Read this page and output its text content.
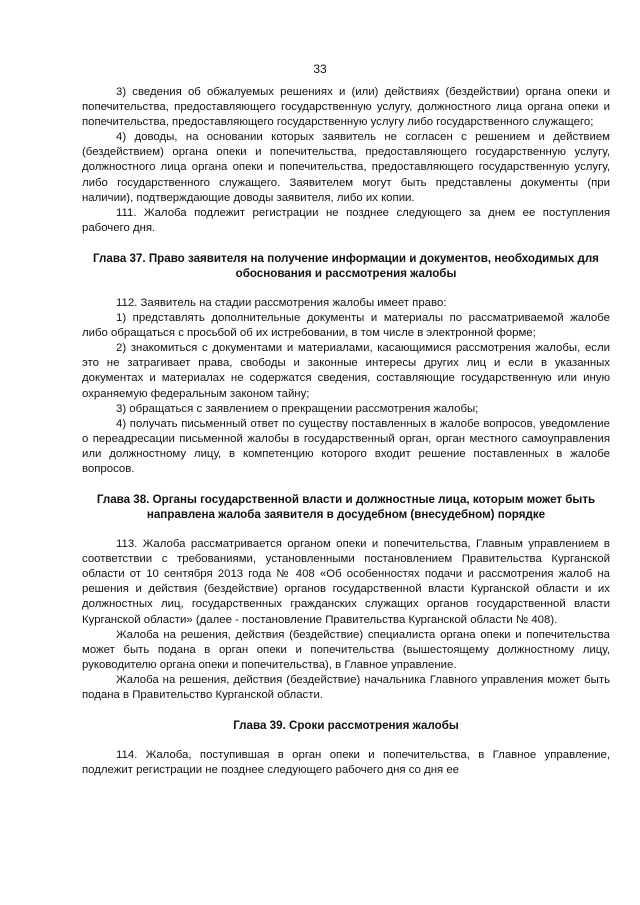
33

3) сведения об обжалуемых решениях и (или) действиях (бездействии) органа опеки и попечительства, предоставляющего государственную услугу, должностного лица органа опеки и попечительства, предоставляющего государственную услугу либо государственного служащего;

4) доводы, на основании которых заявитель не согласен с решением и действием (бездействием) органа опеки и попечительства, предоставляющего государственную услугу, должностного лица органа опеки и попечительства, предоставляющего государственную услугу, либо государственного служащего. Заявителем могут быть представлены документы (при наличии), подтверждающие доводы заявителя, либо их копии.

111. Жалоба подлежит регистрации не позднее следующего за днем ее поступления рабочего дня.

Глава 37. Право заявителя на получение информации и документов, необходимых для обоснования и рассмотрения жалобы

112. Заявитель на стадии рассмотрения жалобы имеет право:

1) представлять дополнительные документы и материалы по рассматриваемой жалобе либо обращаться с просьбой об их истребовании, в том числе в электронной форме;

2) знакомиться с документами и материалами, касающимися рассмотрения жалобы, если это не затрагивает права, свободы и законные интересы других лиц и если в указанных документах и материалах не содержатся сведения, составляющие государственную или иную охраняемую федеральным законом тайну;

3) обращаться с заявлением о прекращении рассмотрения жалобы;

4) получать письменный ответ по существу поставленных в жалобе вопросов, уведомление о переадресации письменной жалобы в государственный орган, орган местного самоуправления или должностному лицу, в компетенцию которого входит решение поставленных в жалобе вопросов.

Глава 38. Органы государственной власти и должностные лица, которым может быть направлена жалоба заявителя в досудебном (внесудебном) порядке

113. Жалоба рассматривается органом опеки и попечительства, Главным управлением в соответствии с требованиями, установленными постановлением Правительства Курганской области от 10 сентября 2013 года № 408 «Об особенностях подачи и рассмотрения жалоб на решения и действия (бездействие) органов государственной власти Курганской области и их должностных лиц, государственных гражданских служащих органов государственной власти Курганской области» (далее - постановление Правительства Курганской области № 408).

Жалоба на решения, действия (бездействие) специалиста органа опеки и попечительства может быть подана в орган опеки и попечительства (вышестоящему должностному лицу, руководителю органа опеки и попечительства), в Главное управление.

Жалоба на решения, действия (бездействие) начальника Главного управления может быть подана в Правительство Курганской области.

Глава 39. Сроки рассмотрения жалобы

114. Жалоба, поступившая в орган опеки и попечительства, в Главное управление, подлежит регистрации не позднее следующего рабочего дня со дня ее
